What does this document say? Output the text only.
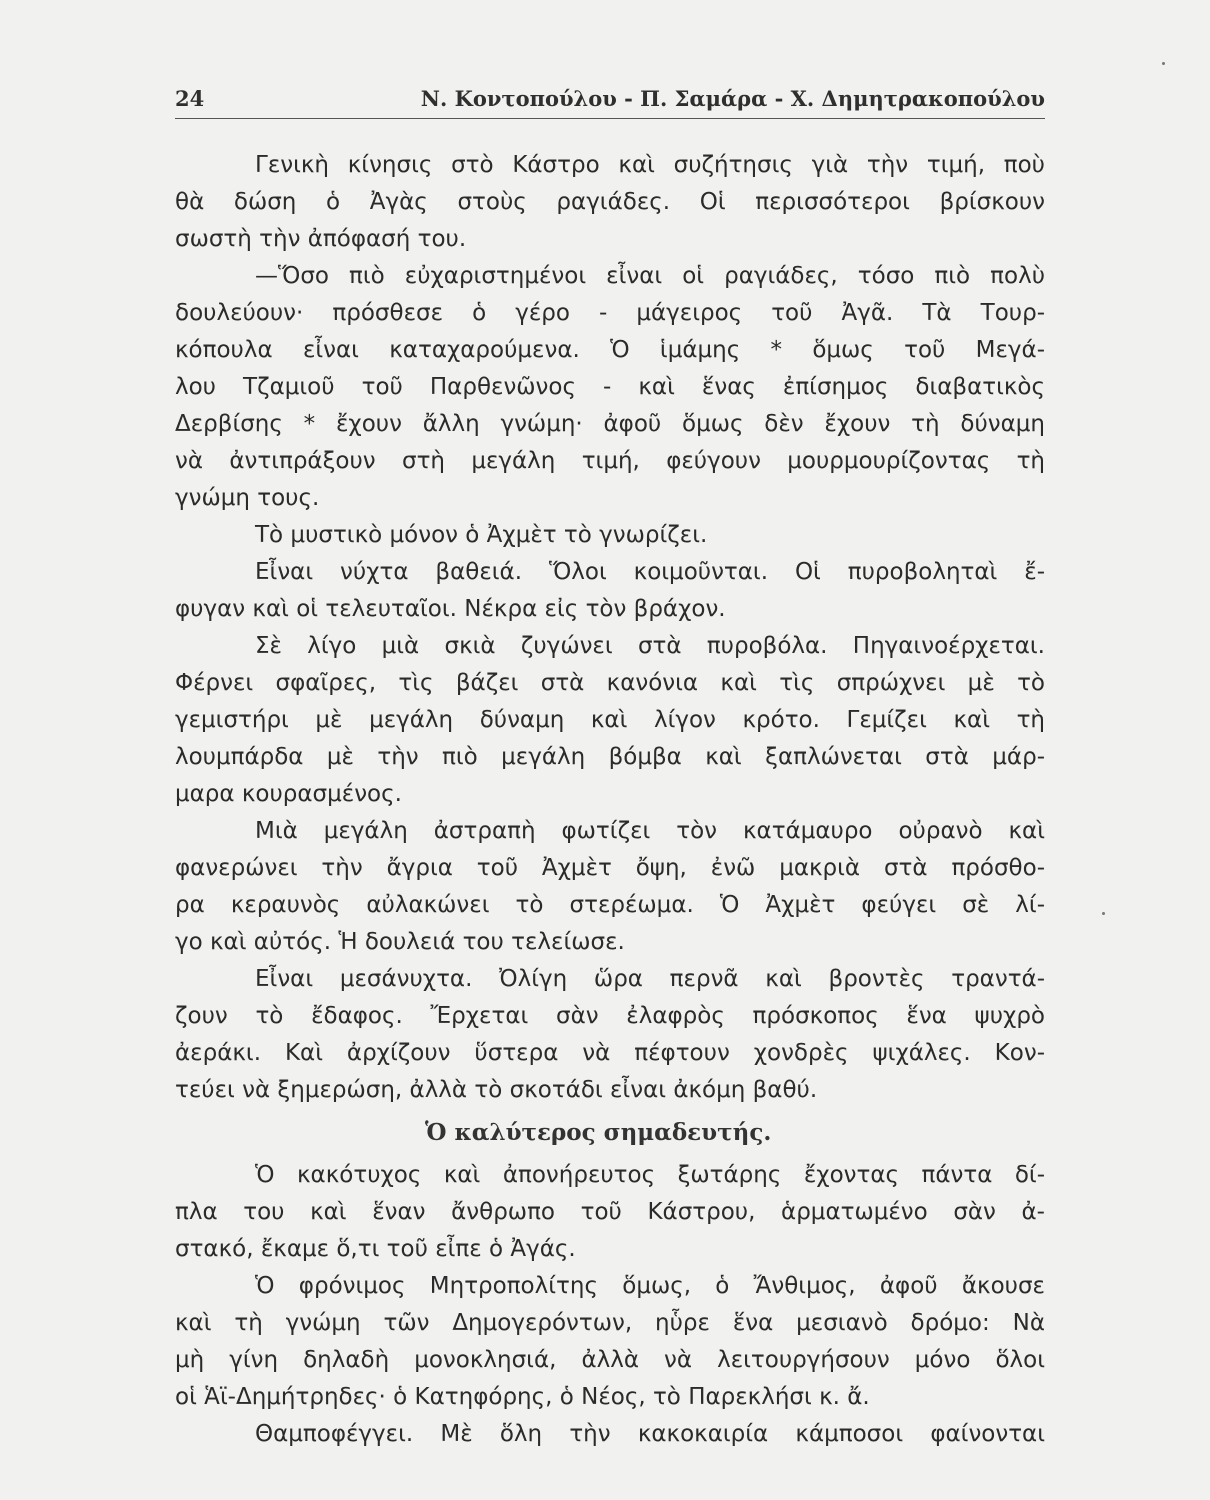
24	Ν. Κοντοπούλου - Π. Σαμάρα - Χ. Δημητρακοπούλου
Γενικὴ κίνησις στὸ Κάστρο καὶ συζήτησις γιὰ τὴν τιμή, ποὺ
θὰ δώση ὁ Ἀγὰς στοὺς ραγιάδες. Οἱ περισσότεροι βρίσκουν
σωστὴ τὴν ἀπόφασή του.
—Ὅσο πιὸ εὐχαριστημένοι εἶναι οἱ ραγιάδες, τόσο πιὸ πολὺ
δουλεύουν· πρόσθεσε ὁ γέρο - μάγειρος τοῦ Ἀγᾶ. Τὰ Τουρ-
κόπουλα εἶναι καταχαρούμενα. Ὁ ἱμάμης * ὅμως τοῦ Μεγά-
λου Τζαμιοῦ τοῦ Παρθενῶνος - καὶ ἕνας ἐπίσημος διαβατικὸς
Δερβίσης * ἔχουν ἄλλη γνώμη· ἀφοῦ ὅμως δὲν ἔχουν τὴ δύναμη
νὰ ἀντιπράξουν στὴ μεγάλη τιμή, φεύγουν μουρμουρίζοντας τὴ
γνώμη τους.
Τὸ μυστικὸ μόνον ὁ Ἀχμὲτ τὸ γνωρίζει.
Εἶναι νύχτα βαθειά. Ὅλοι κοιμοῦνται. Οἱ πυροβοληταὶ ἔ-
φυγαν καὶ οἱ τελευταῖοι. Νέκρα εἰς τὸν βράχον.
Σὲ λίγο μιὰ σκιὰ ζυγώνει στὰ πυροβόλα. Πηγαινοέρχεται.
Φέρνει σφαῖρες, τὶς βάζει στὰ κανόνια καὶ τὶς σπρώχνει μὲ τὸ
γεμιστήρι μὲ μεγάλη δύναμη καὶ λίγον κρότο. Γεμίζει καὶ τὴ
λουμπάρδα μὲ τὴν πιὸ μεγάλη βόμβα καὶ ξαπλώνεται στὰ μάρ-
μαρα κουρασμένος.
Μιὰ μεγάλη ἀστραπὴ φωτίζει τὸν κατάμαυρο οὐρανὸ καὶ
φανερώνει τὴν ἄγρια τοῦ Ἀχμὲτ ὄψη, ἐνῶ μακριὰ στὰ πρόσθο-
ρα κεραυνὸς αὐλακώνει τὸ στερέωμα. Ὁ Ἀχμὲτ φεύγει σὲ λί-
γο καὶ αὐτός. Ἡ δουλειά του τελείωσε.
Εἶναι μεσάνυχτα. Ὀλίγη ὥρα περνᾶ καὶ βροντὲς τραντά-
ζουν τὸ ἔδαφος. Ἔρχεται σὰν ἐλαφρὸς πρόσκοπος ἕνα ψυχρὸ
ἀεράκι. Καὶ ἀρχίζουν ὕστερα νὰ πέφτουν χονδρὲς ψιχάλες. Κον-
τεύει νὰ ξημερώση, ἀλλὰ τὸ σκοτάδι εἶναι ἀκόμη βαθύ.
Ὁ καλύτερος σημαδευτής.
Ὁ κακότυχος καὶ ἀπονήρευτος ξωτάρης ἔχοντας πάντα δί-
πλα του καὶ ἕναν ἄνθρωπο τοῦ Κάστρου, ἁρματωμένο σὰν ἀ-
στακό, ἔκαμε ὅ,τι τοῦ εἶπε ὁ Ἀγάς.
Ὁ φρόνιμος Μητροπολίτης ὅμως, ὁ Ἄνθιμος, ἀφοῦ ἄκουσε
καὶ τὴ γνώμη τῶν Δημογερόντων, ηὗρε ἕνα μεσιανὸ δρόμο: Νὰ
μὴ γίνη δηλαδὴ μονοκλησιά, ἀλλὰ νὰ λειτουργήσουν μόνο ὅλοι
οἱ Ἁϊ-Δημήτρηδες· ὁ Κατηφόρης, ὁ Νέος, τὸ Παρεκλήσι κ. ἄ.
Θαμποφέγγει. Μὲ ὅλη τὴν κακοκαιρία κάμποσοι φαίνονται
